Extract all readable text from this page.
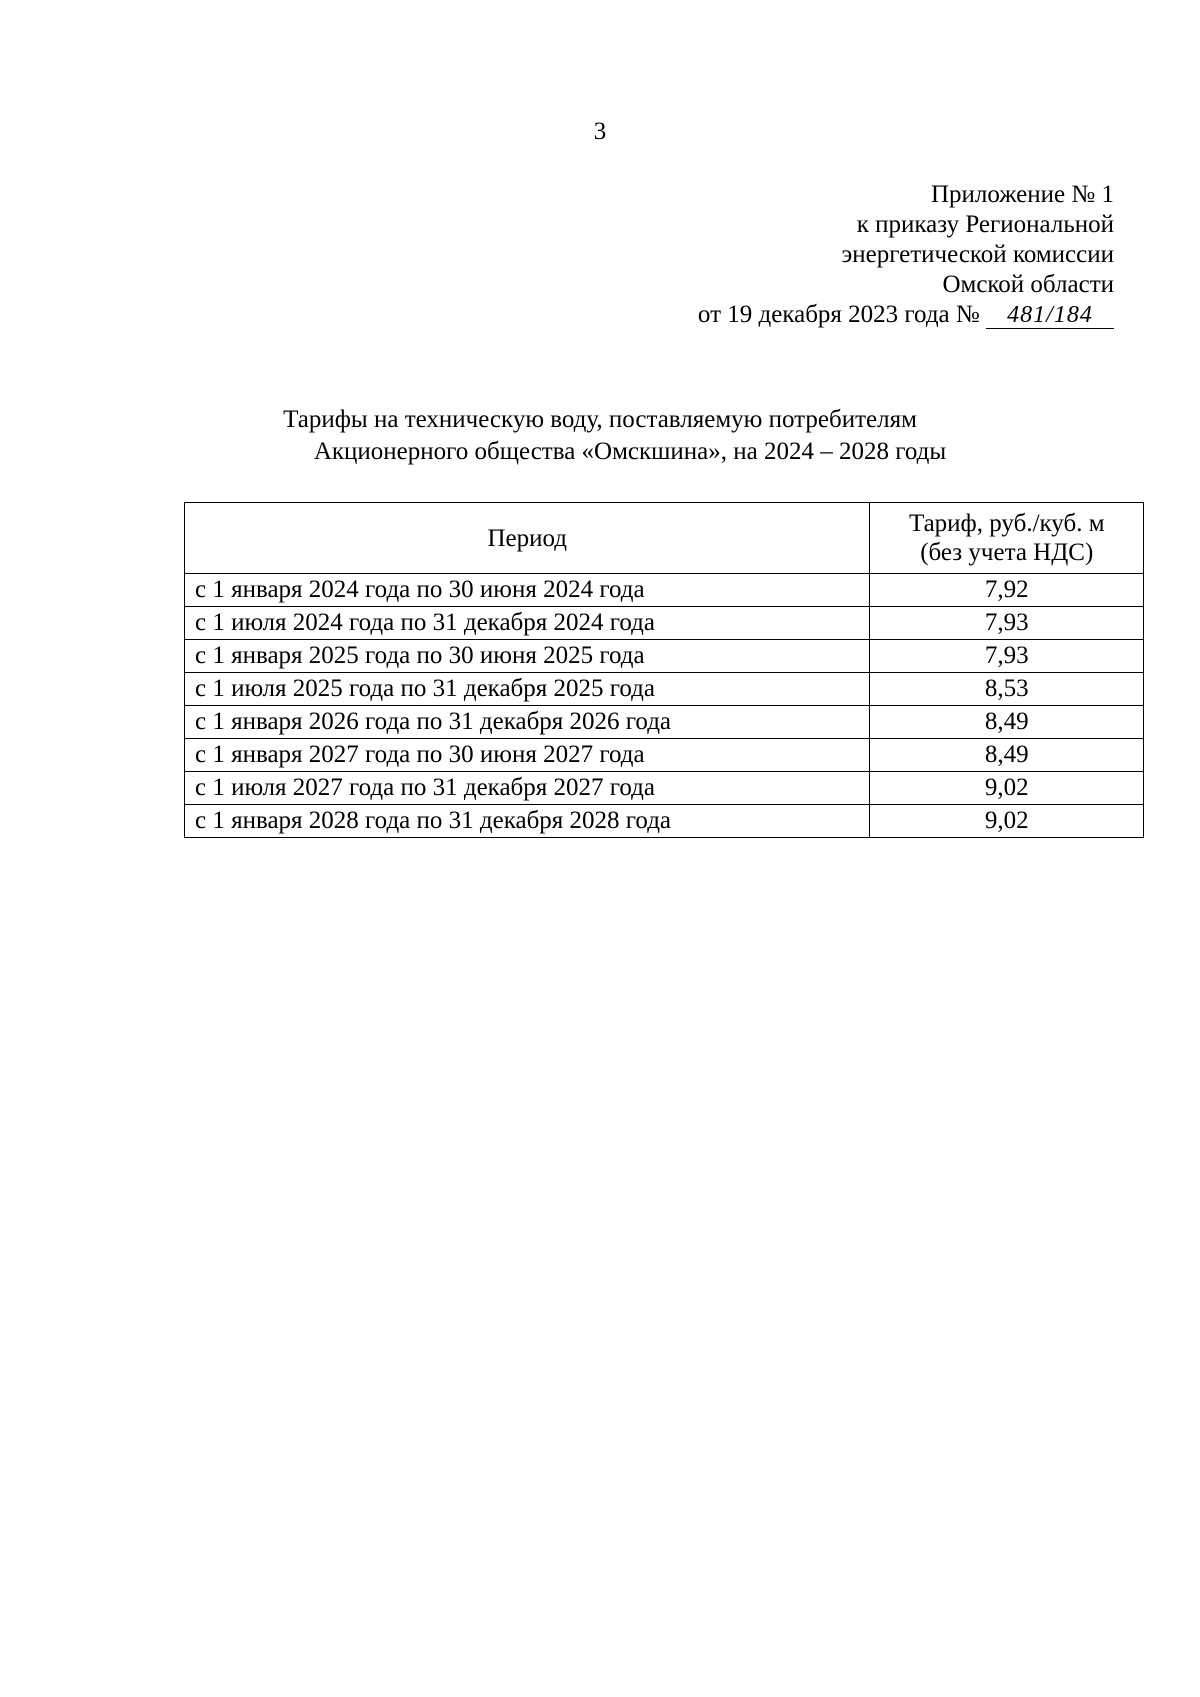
3
Приложение № 1
к приказу Региональной
энергетической комиссии
Омской области
от 19 декабря 2023 года № 481/184
Тарифы на техническую воду, поставляемую потребителям
Акционерного общества «Омскшина», на 2024 – 2028 годы
Период	Тариф, руб./куб. м
(без учета НДС)

с 1 января 2024 года по 30 июня 2024 года	7,92
с 1 июля 2024 года по 31 декабря 2024 года	7,93
с 1 января 2025 года по 30 июня 2025 года	7,93
с 1 июля 2025 года по 31 декабря 2025 года	8,53
с 1 января 2026 года по 31 декабря 2026 года	8,49
с 1 января 2027 года по 30 июня 2027 года	8,49
с 1 июля 2027 года по 31 декабря 2027 года	9,02
с 1 января 2028 года по 31 декабря 2028 года	9,02
